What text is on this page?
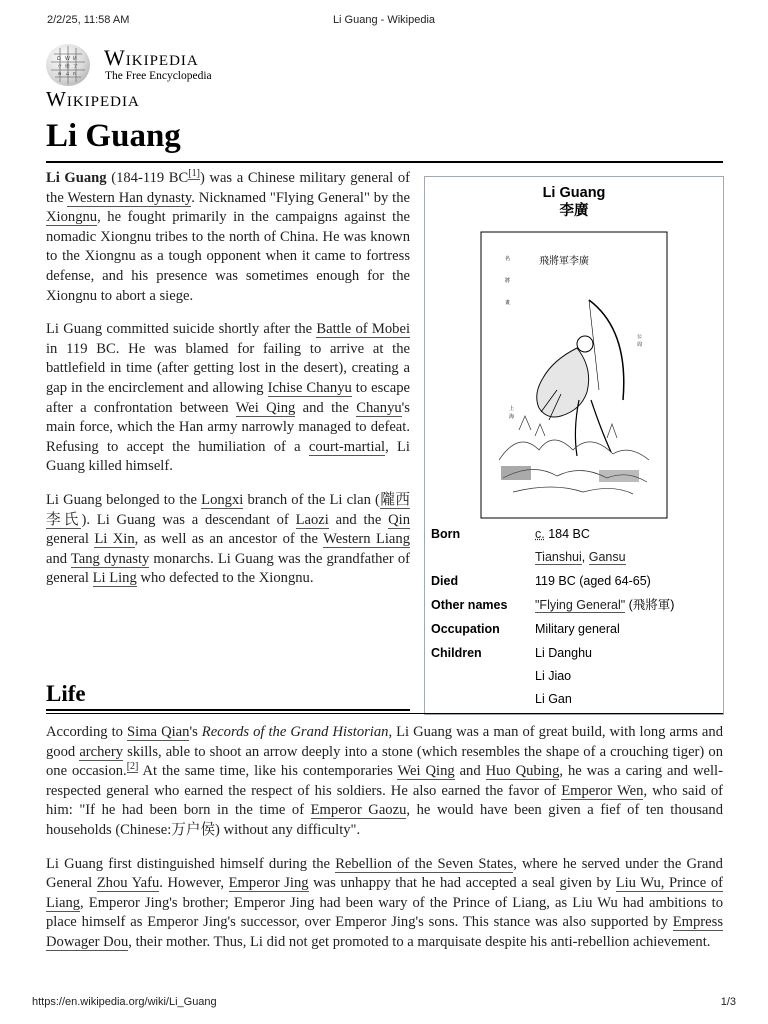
2/2/25, 11:58 AM	Li Guang - Wikipedia
Ω W И
ウ 维 ア
ค ವಿ ი
Wikipedia
The Free Encyclopedia
Wikipedia
Li Guang

Li Guang (184-119 BC[1]) was a Chinese military general of the Western Han dynasty. Nicknamed "Flying General" by the Xiongnu, he fought primarily in the campaigns against the nomadic Xiongnu tribes to the north of China. He was known to the Xiongnu as a tough opponent when it came to fortress defense, and his presence was sometimes enough for the Xiongnu to abort a siege.

Li Guang committed suicide shortly after the Battle of Mobei in 119 BC. He was blamed for failing to arrive at the battlefield in time (after getting lost in the desert), creating a gap in the encirclement and allowing Ichise Chanyu to escape after a confrontation between Wei Qing and the Chanyu's main force, which the Han army narrowly managed to defeat. Refusing to accept the humiliation of a court-martial, Li Guang killed himself.

Li Guang belonged to the Longxi branch of the Li clan (隴西李氏). Li Guang was a descendant of Laozi and the Qin general Li Xin, as well as an ancestor of the Western Liang and Tang dynasty monarchs. Li Guang was the grandfather of general Li Ling who defected to the Xiongnu.

Li Guang
李廣
飛將軍李廣
名
將
畫
上
海
公
周
Born	c. 184 BC
Tianshui, Gansu

Died	119 BC (aged 64-65)
Other names	"Flying General" (飛將軍)
Occupation	Military general
Children	Li Danghu
Li Jiao
Li Gan
Life

According to Sima Qian's Records of the Grand Historian, Li Guang was a man of great build, with long arms and good archery skills, able to shoot an arrow deeply into a stone (which resembles the shape of a crouching tiger) on one occasion.[2] At the same time, like his contemporaries Wei Qing and Huo Qubing, he was a caring and well-respected general who earned the respect of his soldiers. He also earned the favor of Emperor Wen, who said of him: "If he had been born in the time of Emperor Gaozu, he would have been given a fief of ten thousand households (Chinese:万户侯) without any difficulty".

Li Guang first distinguished himself during the Rebellion of the Seven States, where he served under the Grand General Zhou Yafu. However, Emperor Jing was unhappy that he had accepted a seal given by Liu Wu, Prince of Liang, Emperor Jing's brother; Emperor Jing had been wary of the Prince of Liang, as Liu Wu had ambitions to place himself as Emperor Jing's successor, over Emperor Jing's sons. This stance was also supported by Empress Dowager Dou, their mother. Thus, Li did not get promoted to a marquisate despite his anti-rebellion achievement.

https://en.wikipedia.org/wiki/Li_Guang	1/3
